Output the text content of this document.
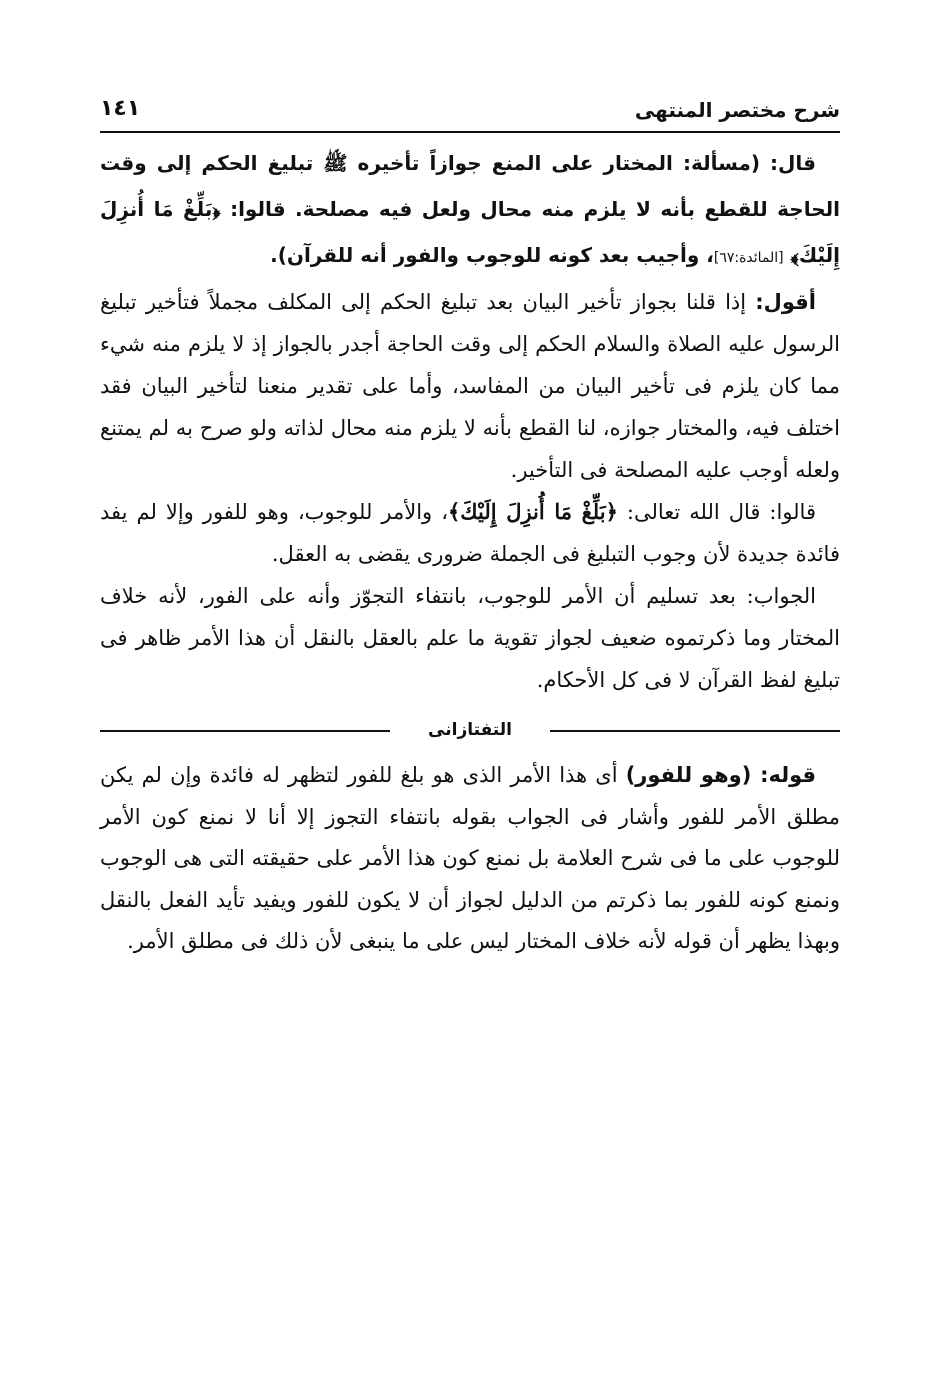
شرح مختصر المنتهى
١٤١

قال: (مسألة: المختار على المنع جوازاً تأخيره ﷺ تبليغ الحكم إلى وقت الحاجة للقطع بأنه لا يلزم منه محال ولعل فيه مصلحة. قالوا: ﴿بَلِّغْ مَا أُنزِلَ إِلَيْكَ﴾ [المائدة:٦٧]، وأجيب بعد كونه للوجوب والفور أنه للقرآن).

أقول: إذا قلنا بجواز تأخير البيان بعد تبليغ الحكم إلى المكلف مجملاً فتأخير تبليغ الرسول عليه الصلاة والسلام الحكم إلى وقت الحاجة أجدر بالجواز إذ لا يلزم منه شيء مما كان يلزم فى تأخير البيان من المفاسد، وأما على تقدير منعنا لتأخير البيان فقد اختلف فيه، والمختار جوازه، لنا القطع بأنه لا يلزم منه محال لذاته ولو صرح به لم يمتنع ولعله أوجب عليه المصلحة فى التأخير.

قالوا: قال الله تعالى: ﴿بَلِّغْ مَا أُنزِلَ إِلَيْكَ﴾، والأمر للوجوب، وهو للفور وإلا لم يفد فائدة جديدة لأن وجوب التبليغ فى الجملة ضرورى يقضى به العقل.

الجواب: بعد تسليم أن الأمر للوجوب، بانتفاء التجوّز وأنه على الفور، لأنه خلاف المختار وما ذكرتموه ضعيف لجواز تقوية ما علم بالعقل بالنقل أن هذا الأمر ظاهر فى تبليغ لفظ القرآن لا فى كل الأحكام.

التفتازانى

قوله: (وهو للفور) أى هذا الأمر الذى هو بلغ للفور لتظهر له فائدة وإن لم يكن مطلق الأمر للفور وأشار فى الجواب بقوله بانتفاء التجوز إلا أنا لا نمنع كون الأمر للوجوب على ما فى شرح العلامة بل نمنع كون هذا الأمر على حقيقته التى هى الوجوب ونمنع كونه للفور بما ذكرتم من الدليل لجواز أن لا يكون للفور ويفيد تأيد الفعل بالنقل وبهذا يظهر أن قوله لأنه خلاف المختار ليس على ما ينبغى لأن ذلك فى مطلق الأمر.
